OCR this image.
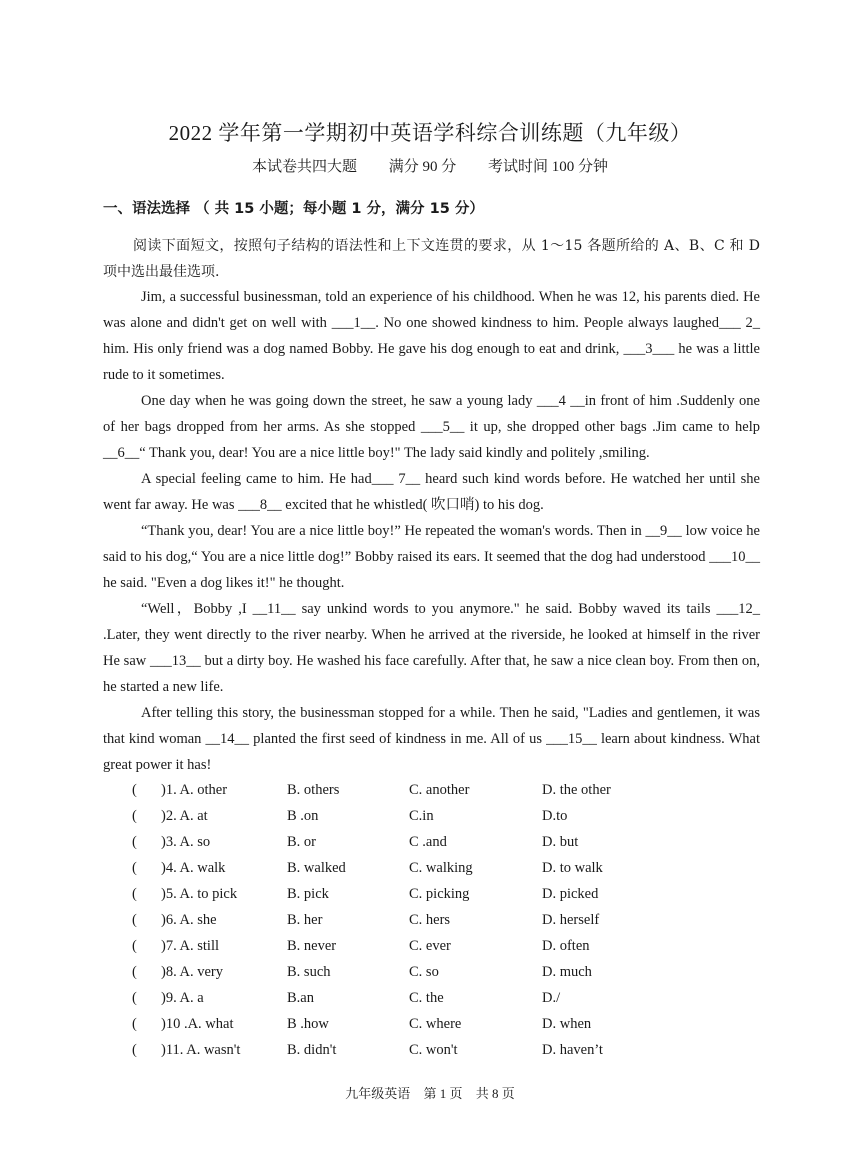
2022 学年第一学期初中英语学科综合训练题（九年级）
本试卷共四大题 满分 90 分 考试时间 100 分钟
一、语法选择 （ 共 15 小题；每小题 1 分，满分 15 分）
阅读下面短文，按照句子结构的语法性和上下文连贯的要求，从 1～15 各题所给的 A、B、C 和 D 项中选出最佳选项.

Jim, a successful businessman, told an experience of his childhood. When he was 12, his parents died. He was alone and didn't get on well with ___1__. No one showed kindness to him. People always laughed___ 2_ him. His only friend was a dog named Bobby. He gave his dog enough to eat and drink, ___3___ he was a little rude to it sometimes.

One day when he was going down the street, he saw a young lady ___4 __in front of him .Suddenly one of her bags dropped from her arms. As she stopped ___5__ it up, she dropped other bags .Jim came to help __6__“ Thank you, dear! You are a nice little boy!" The lady said kindly and politely ,smiling.

A special feeling came to him. He had___ 7__ heard such kind words before. He watched her until she went far away. He was ___8__ excited that he whistled( 吹口哨) to his dog.

“Thank you, dear! You are a nice little boy!” He repeated the woman's words. Then in __9__ low voice he said to his dog,“ You are a nice little dog!” Bobby raised its ears. It seemed that the dog had understood ___10__ he said. "Even a dog likes it!" he thought.

“Well，Bobby ,I __11__ say unkind words to you anymore." he said. Bobby waved its tails ___12_ .Later, they went directly to the river nearby. When he arrived at the riverside, he looked at himself in the river He saw ___13__ but a dirty boy. He washed his face carefully. After that, he saw a nice clean boy. From then on, he started a new life.

After telling this story, the businessman stopped for a while. Then he said, "Ladies and gentlemen, it was that kind woman __14__ planted the first seed of kindness in me. All of us ___15__ learn about kindness. What great power it has!

( )1. A. other	B. others	C. another	D. the other
( )2. A. at	B .on	C.in	D.to
( )3. A. so	B. or	C .and	D. but
( )4. A. walk	B. walked	C. walking	D. to walk
( )5. A. to pick	B. pick	C. picking	D. picked
( )6. A. she	B. her	C. hers	D. herself
( )7. A. still	B. never	C. ever	D. often
( )8. A. very	B. such	C. so	D. much
( )9. A. a	B.an	C. the	D./
( )10 .A. what	B .how	C. where	D. when
( )11. A. wasn't	B. didn't	C. won't	D. haven’t
九年级英语 第 1 页 共 8 页
